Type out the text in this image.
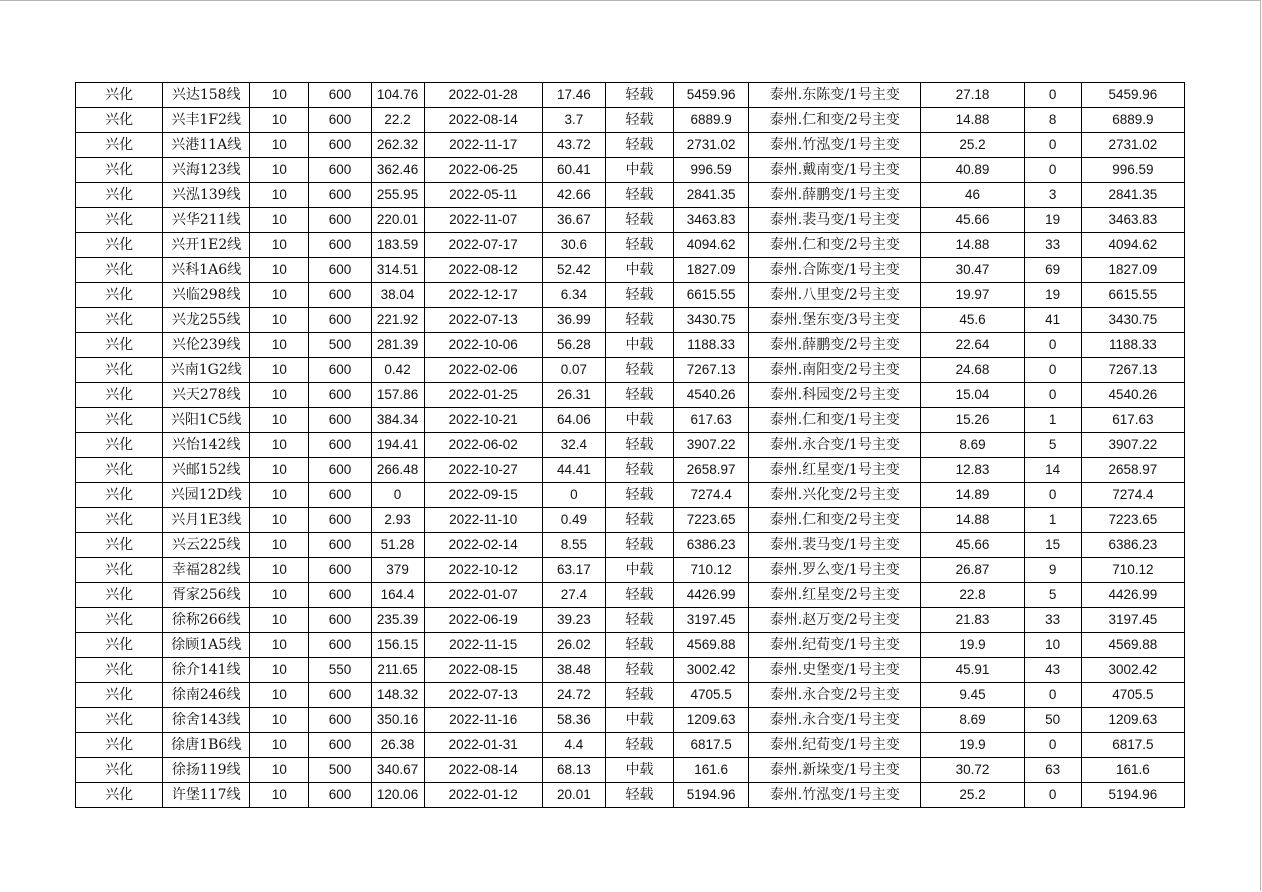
兴化	兴达158线	10	600	104.76	2022-01-28	17.46	轻载	5459.96	泰州.东陈变/1号主变	27.18	0	5459.96
兴化	兴丰1F2线	10	600	22.2	2022-08-14	3.7	轻载	6889.9	泰州.仁和变/2号主变	14.88	8	6889.9
兴化	兴港11A线	10	600	262.32	2022-11-17	43.72	轻载	2731.02	泰州.竹泓变/1号主变	25.2	0	2731.02
兴化	兴海123线	10	600	362.46	2022-06-25	60.41	中载	996.59	泰州.戴南变/1号主变	40.89	0	996.59
兴化	兴泓139线	10	600	255.95	2022-05-11	42.66	轻载	2841.35	泰州.薛鹏变/1号主变	46	3	2841.35
兴化	兴华211线	10	600	220.01	2022-11-07	36.67	轻载	3463.83	泰州.裴马变/1号主变	45.66	19	3463.83
兴化	兴开1E2线	10	600	183.59	2022-07-17	30.6	轻载	4094.62	泰州.仁和变/2号主变	14.88	33	4094.62
兴化	兴科1A6线	10	600	314.51	2022-08-12	52.42	中载	1827.09	泰州.合陈变/1号主变	30.47	69	1827.09
兴化	兴临298线	10	600	38.04	2022-12-17	6.34	轻载	6615.55	泰州.八里变/2号主变	19.97	19	6615.55
兴化	兴龙255线	10	600	221.92	2022-07-13	36.99	轻载	3430.75	泰州.堡东变/3号主变	45.6	41	3430.75
兴化	兴伦239线	10	500	281.39	2022-10-06	56.28	中载	1188.33	泰州.薛鹏变/2号主变	22.64	0	1188.33
兴化	兴南1G2线	10	600	0.42	2022-02-06	0.07	轻载	7267.13	泰州.南阳变/2号主变	24.68	0	7267.13
兴化	兴天278线	10	600	157.86	2022-01-25	26.31	轻载	4540.26	泰州.科园变/2号主变	15.04	0	4540.26
兴化	兴阳1C5线	10	600	384.34	2022-10-21	64.06	中载	617.63	泰州.仁和变/1号主变	15.26	1	617.63
兴化	兴怡142线	10	600	194.41	2022-06-02	32.4	轻载	3907.22	泰州.永合变/1号主变	8.69	5	3907.22
兴化	兴邮152线	10	600	266.48	2022-10-27	44.41	轻载	2658.97	泰州.红星变/1号主变	12.83	14	2658.97
兴化	兴园12D线	10	600	0	2022-09-15	0	轻载	7274.4	泰州.兴化变/2号主变	14.89	0	7274.4
兴化	兴月1E3线	10	600	2.93	2022-11-10	0.49	轻载	7223.65	泰州.仁和变/2号主变	14.88	1	7223.65
兴化	兴云225线	10	600	51.28	2022-02-14	8.55	轻载	6386.23	泰州.裴马变/1号主变	45.66	15	6386.23
兴化	幸福282线	10	600	379	2022-10-12	63.17	中载	710.12	泰州.罗么变/1号主变	26.87	9	710.12
兴化	胥家256线	10	600	164.4	2022-01-07	27.4	轻载	4426.99	泰州.红星变/2号主变	22.8	5	4426.99
兴化	徐称266线	10	600	235.39	2022-06-19	39.23	轻载	3197.45	泰州.赵万变/2号主变	21.83	33	3197.45
兴化	徐顾1A5线	10	600	156.15	2022-11-15	26.02	轻载	4569.88	泰州.纪荀变/1号主变	19.9	10	4569.88
兴化	徐介141线	10	550	211.65	2022-08-15	38.48	轻载	3002.42	泰州.史堡变/1号主变	45.91	43	3002.42
兴化	徐南246线	10	600	148.32	2022-07-13	24.72	轻载	4705.5	泰州.永合变/2号主变	9.45	0	4705.5
兴化	徐舍143线	10	600	350.16	2022-11-16	58.36	中载	1209.63	泰州.永合变/1号主变	8.69	50	1209.63
兴化	徐唐1B6线	10	600	26.38	2022-01-31	4.4	轻载	6817.5	泰州.纪荀变/1号主变	19.9	0	6817.5
兴化	徐扬119线	10	500	340.67	2022-08-14	68.13	中载	161.6	泰州.新垛变/1号主变	30.72	63	161.6
兴化	许堡117线	10	600	120.06	2022-01-12	20.01	轻载	5194.96	泰州.竹泓变/1号主变	25.2	0	5194.96
